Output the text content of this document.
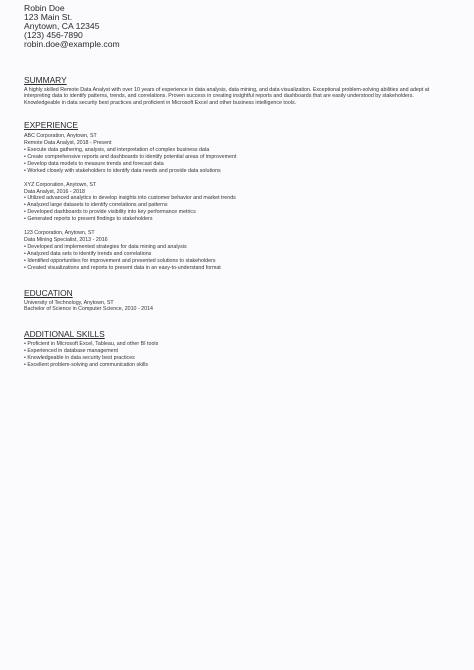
Robin Doe
123 Main St.
Anytown, CA 12345
(123) 456-7890
robin.doe@example.com
SUMMARY
A highly skilled Remote Data Analyst with over 10 years of experience in data analysis, data mining, and data visualization. Exceptional problem-solving abilities and adept at interpreting data to identify patterns, trends, and correlations. Proven success in creating insightful reports and dashboards that are easily understood by stakeholders. Knowledgeable in data security best practices and proficient in Microsoft Excel and other business intelligence tools.
EXPERIENCE
ABC Corporation, Anytown, ST
Remote Data Analyst, 2018 - Present
• Execute data gathering, analysis, and interpretation of complex business data
• Create comprehensive reports and dashboards to identify potential areas of improvement
• Develop data models to measure trends and forecast data
• Worked closely with stakeholders to identify data needs and provide data solutions
XYZ Corporation, Anytown, ST
Data Analyst, 2016 - 2018
• Utilized advanced analytics to develop insights into customer behavior and market trends
• Analyzed large datasets to identify correlations and patterns
• Developed dashboards to provide visibility into key performance metrics
• Generated reports to present findings to stakeholders
123 Corporation, Anytown, ST
Data Mining Specialist, 2013 - 2016
• Developed and implemented strategies for data mining and analysis
• Analyzed data sets to identify trends and correlations
• Identified opportunities for improvement and presented solutions to stakeholders
• Created visualizations and reports to present data in an easy-to-understand format
EDUCATION
University of Technology, Anytown, ST
Bachelor of Science in Computer Science, 2010 - 2014
ADDITIONAL SKILLS
• Proficient in Microsoft Excel, Tableau, and other BI tools
• Experienced in database management
• Knowledgeable in data security best practices
• Excellent problem-solving and communication skills
